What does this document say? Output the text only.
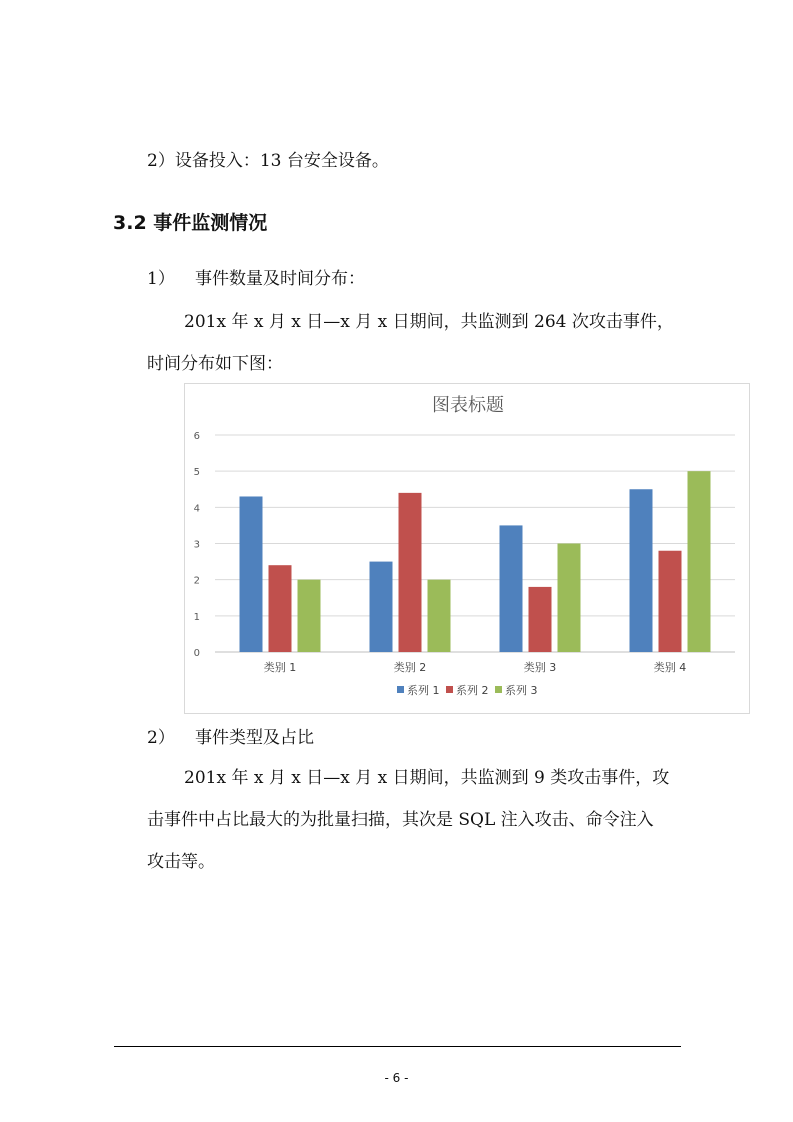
2）设备投入：13 台安全设备。
3.2 事件监测情况
1） 事件数量及时间分布：
201x 年 x 月 x 日—x 月 x 日期间，共监测到 264 次攻击事件，
时间分布如下图：
图表标题
0
1
2
3
4
5
6
类别 1	类别 2	类别 3	类别 4
系列 1 系列 2 系列 3
2） 事件类型及占比
201x 年 x 月 x 日—x 月 x 日期间，共监测到 9 类攻击事件，攻
击事件中占比最大的为批量扫描，其次是 SQL 注入攻击、命令注入
攻击等。
- 6 -
